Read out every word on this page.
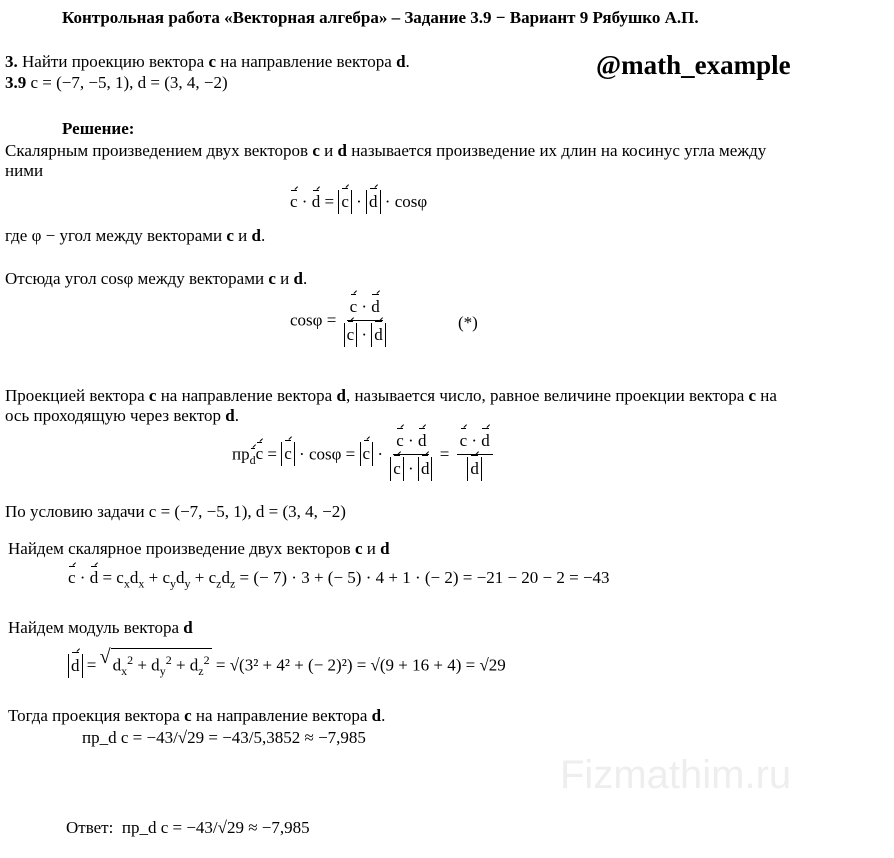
Fizmathim.ru
Контрольная работа «Векторная алгебра» – Задание 3.9 − Вариант 9 Рябушко А.П.
3. Найти проекцию вектора c на направление вектора d.
3.9 c = (−7, −5, 1), d = (3, 4, −2)
@math_example
Решение:
Скалярным произведением двух векторов c и d называется произведение их длин на косинус угла между
ними
c · d = c · d · cosφ
где φ − угол между векторами c и d.
Отсюда угол cosφ между векторами c и d.
$\cos\varphi = \frac{c \cdot d}{c \cdot d}$	(*)
Проекцией вектора c на направление вектора d, называется число, равное величине проекции вектора c на
ось проходящую через вектор d.
$пр_dc = c \cdot \cos\varphi = c \cdot \frac{c \cdot d}{c \cdot d} = \frac{c \cdot d}{d}$
По условию задачи c = (−7, −5, 1), d = (3, 4, −2)
Найдем скалярное произведение двух векторов c и d
$c \cdot d = c_xd_x + c_yd_y + c_zd_z$ = (− 7) · 3 + (− 5) · 4 + 1 · (− 2) = −21 − 20 − 2 = −43
Найдем модуль вектора d
d = √ $d_x^2 + d_y^2 + d_z^2 = √(3^2 + 4^2$ + (− 2)²) = √(9 + 16 + 4) = √29
Тогда проекция вектора c на направление вектора d.
пр_d c = −43/√29 = −43/5,3852 ≈ −7,985
Ответ: пр_d c = −43/√29 ≈ −7,985
